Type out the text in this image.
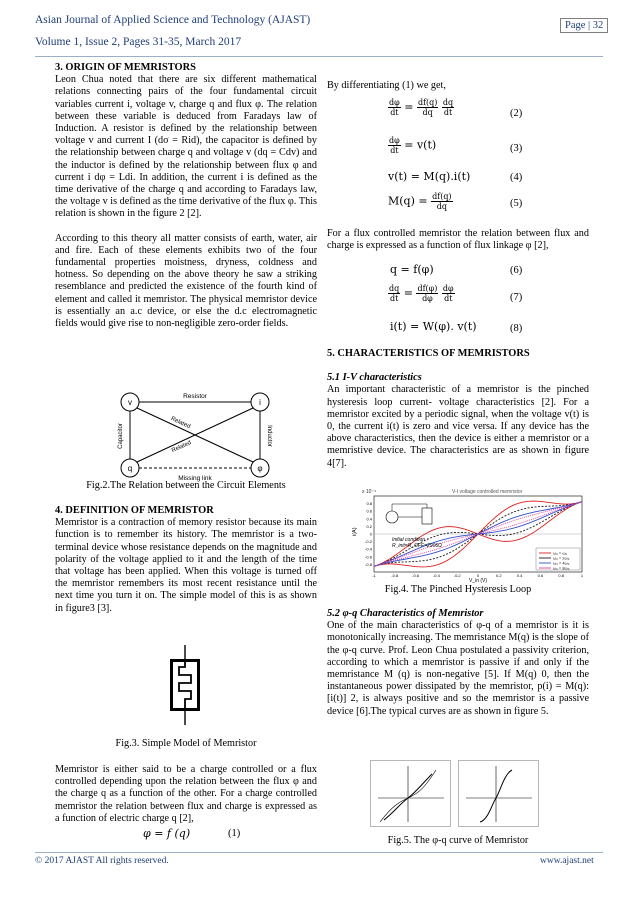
Asian Journal of Applied Science and Technology (AJAST)
Volume 1, Issue 2, Pages 31-35, March 2017
Page | 32

3. ORIGIN OF MEMRISTORS

Leon Chua noted that there are six different mathematical relations connecting pairs of the four fundamental circuit variables current i, voltage v, charge q and flux φ. The relation between these variable is deduced from Faradays law of Induction. A resistor is defined by the relationship between voltage v and current I (dσ = Rid), the capacitor is defined by the relationship between charge q and voltage v (dq = Cdv) and the inductor is defined by the relationship between flux φ and current i dφ = Ldi. In addition, the current i is defined as the time derivative of the charge q and according to Faradays law, the voltage v is defined as the time derivative of the flux φ. This relation is shown in the figure 2 [2].

According to this theory all matter consists of earth, water, air and fire. Each of these elements exhibits two of the four fundamental properties moistness, dryness, coldness and hotness. So depending on the above theory he saw a striking resemblance and predicted the existence of the fourth kind of element and called it memristor. The physical memristor device is essentially an a.c device, or else the d.c electromagnetic fields would give rise to non-negligible zero-order fields.

v	i
q	φ
Resistor
Capacitor	Inductor
Related
Related
Missing link
Fig.2.The Relation between the Circuit Elements

4. DEFINITION OF MEMRISTOR

Memristor is a contraction of memory resistor because its main function is to remember its history. The memristor is a two-terminal device whose resistance depends on the magnitude and polarity of the voltage applied to it and the length of the time that voltage has been applied. When this voltage is turned off the memristor remembers its most recent resistance until the next time you turn it on. The simple model of this is as shown in figure3 [3].

Fig.3. Simple Model of Memristor

Memristor is either said to be a charge controlled or a flux controlled depending upon the relation between the flux φ and the charge q as a function of the other. For a charge controlled memristor the relation between flux and charge is expressed as a function of electric charge q [2],

φ = f (q)	(1)
By differentiating (1) we get,
$\frac{d\varphi}{dt} = \frac{df(q)}{dq}$
$\frac{dq}{dt}$	(2)
$\frac{d\varphi}{dt} = v(t)$	(3)
v(t) = M(q).i(t)	(4)
$M(q) = \frac{df(q)}{dq}$	(5)
For a flux controlled memristor the relation between flux and charge is expressed as a function of flux linkage φ [2],
q = f(φ)	(6)
$\frac{dq}{dt} = \frac{df(\varphi)}{d\varphi}$
$\frac{d\varphi}{dt}$	(7)
i(t) = W(φ). v(t)	(8)

5. CHARACTERISTICS OF MEMRISTORS

5.1 I-V characteristics

An important characteristic of a memristor is the pinched hysteresis loop current- voltage characteristics [2]. For a memristor excited by a periodic signal, when the voltage v(t) is 0, the current i(t) is zero and vice versa. If any device has the above characteristics, then the device is either a memristor or a memristive device. The characteristics are as shown in figure 4[7].

V-I voltage controlled memristor
x 10⁻⁴
i(A)
V_in (V)
-1	-0.8	-0.6	-0.4	-0.2	0	0.2	0.4	0.6	0.8	1
-0.8
-0.6
-0.4
-0.2
0
0.2
0.4
0.6
0.8
Initial condition :
R_init=R_OFF=2906Ω
ω₀ = ω₀
ω₀ = 2ω₀
ω₀ = 4ω₀
ω₀ = 8ω₀
Fig.4. The Pinched Hysteresis Loop

5.2 φ-q Characteristics of Memristor

One of the main characteristics of φ-q of a memristor is it is monotonically increasing. The memristance M(q) is the slope of the φ-q curve. Prof. Leon Chua postulated a passivity criterion, according to which a memristor is passive if and only if the memristance M (q) is non-negative [5]. If M(q) 0, then the instantaneous power dissipated by the memristor, p(i) = M(q):[i(t)] 2, is always positive and so the memristor is a passive device [6].The typical curves are as shown in figure 5.

Fig.5. The φ-q curve of Memristor
© 2017 AJAST All rights reserved.	www.ajast.net
